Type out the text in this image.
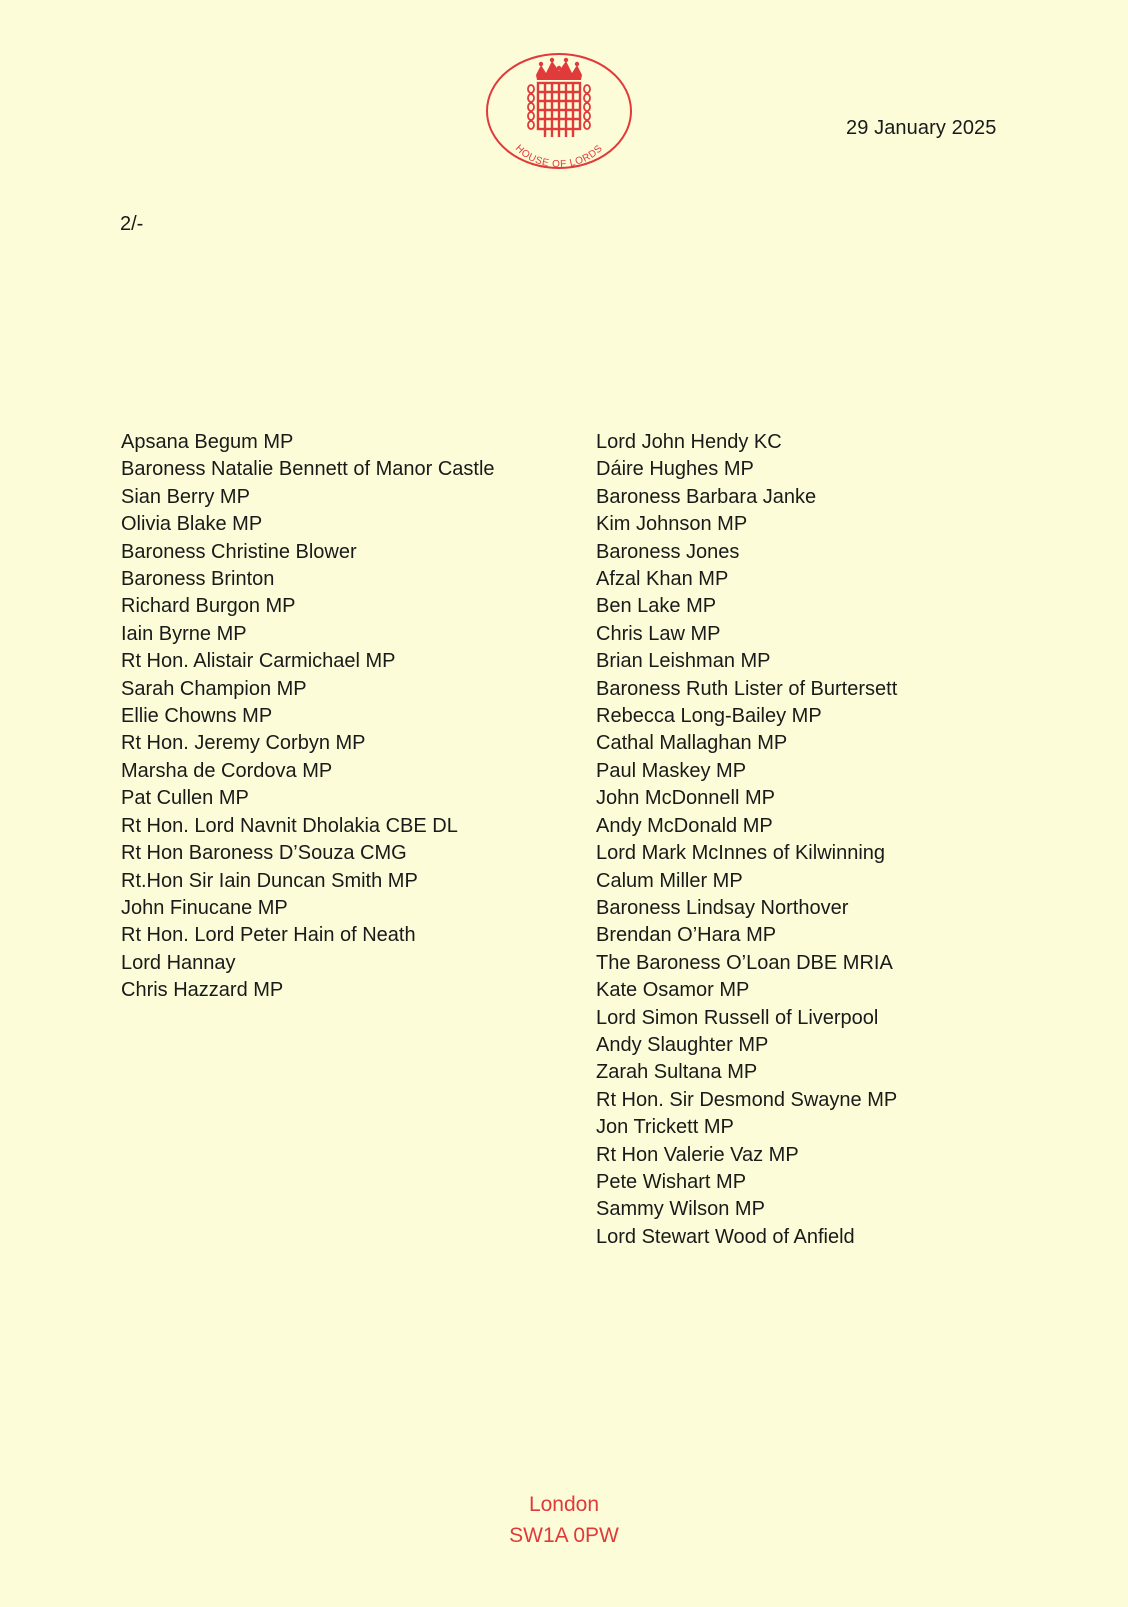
HOUSE OF LORDS
29 January 2025
2/-
Apsana Begum MP
Baroness Natalie Bennett of Manor Castle
Sian Berry MP
Olivia Blake MP
Baroness Christine Blower
Baroness Brinton
Richard Burgon MP
Iain Byrne MP
Rt Hon. Alistair Carmichael MP
Sarah Champion MP
Ellie Chowns MP
Rt Hon. Jeremy Corbyn MP
Marsha de Cordova MP
Pat Cullen MP
Rt Hon. Lord Navnit Dholakia CBE DL
Rt Hon Baroness D’Souza CMG
Rt.Hon Sir Iain Duncan Smith MP
John Finucane MP
Rt Hon. Lord Peter Hain of Neath
Lord Hannay
Chris Hazzard MP
Lord John Hendy KC
Dáire Hughes MP
Baroness Barbara Janke
Kim Johnson MP
Baroness Jones
Afzal Khan MP
Ben Lake MP
Chris Law MP
Brian Leishman MP
Baroness Ruth Lister of Burtersett
Rebecca Long-Bailey MP
Cathal Mallaghan MP
Paul Maskey MP
John McDonnell MP
Andy McDonald MP
Lord Mark McInnes of Kilwinning
Calum Miller MP
Baroness Lindsay Northover
Brendan O’Hara MP
The Baroness O’Loan DBE MRIA
Kate Osamor MP
Lord Simon Russell of Liverpool
Andy Slaughter MP
Zarah Sultana MP
Rt Hon. Sir Desmond Swayne MP
Jon Trickett MP
Rt Hon Valerie Vaz MP
Pete Wishart MP
Sammy Wilson MP
Lord Stewart Wood of Anfield
London
SW1A 0PW
